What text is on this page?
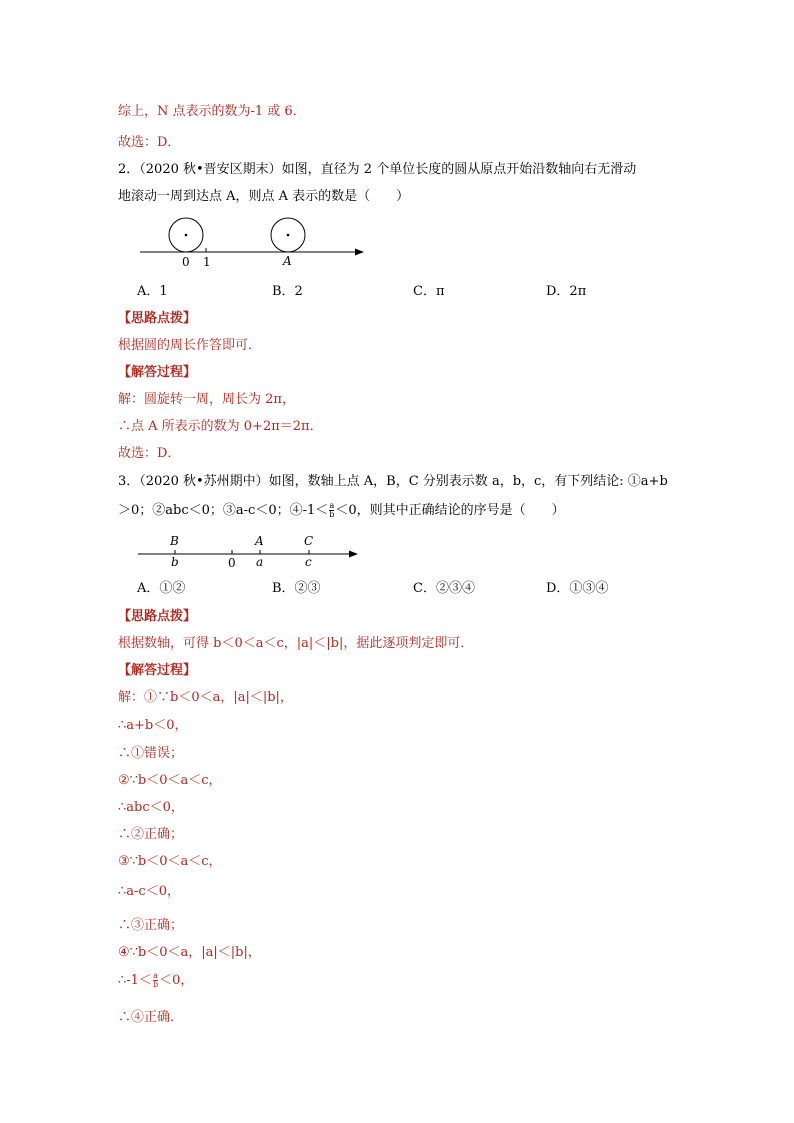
综上，N 点表示的数为-1 或 6．
故选：D．
2．（2020 秋•晋安区期末）如图，直径为 2 个单位长度的圆从原点开始沿数轴向右无滑动
地滚动一周到达点 A，则点 A 表示的数是（　　）
0 1	A
A．1	B．2	C．π	D．2π
【思路点拨】
根据圆的周长作答即可．
【解答过程】
解：圆旋转一周，周长为 2π，
∴点 A 所表示的数为 0+2π＝2π．
故选：D．
3．（2020 秋•苏州期中）如图，数轴上点 A，B，C 分别表示数 a，b，c，有下列结论: ①a+b
＞0；②abc＜0；③a-c＜0；④-1＜ $\frac{a}{b} <0$，则其中正确结论的序号是（　　）
B
b	0
A
a
C
c
A．①②	B．②③	C．②③④	D．①③④
【思路点拨】
根据数轴，可得 b＜0＜a＜c，|a|＜|b|，据此逐项判定即可．
【解答过程】
解：①∵b＜0＜a，|a|＜|b|，
∴a+b＜0，
∴①错误；
②∵b＜0＜a＜c，
∴abc＜0，
∴②正确；
③∵b＜0＜a＜c，
∴a-c＜0，
∴③正确；
④∵b＜0＜a，|a|＜|b|，
∴-1＜ $\frac{a}{b} <0$，
∴④正确．
